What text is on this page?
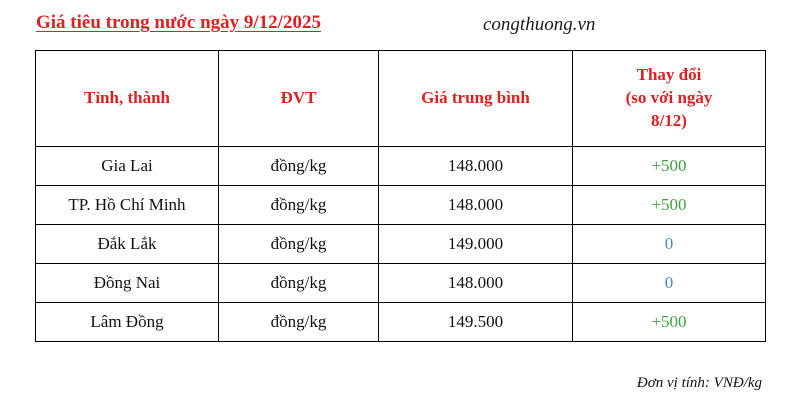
Giá tiêu trong nước ngày 9/12/2025	congthuong.vn
Tỉnh, thành	ĐVT	Giá trung bình	Thay đổi
(so với ngày
8/12)

Gia Lai	đồng/kg	148.000	+500
TP. Hồ Chí Minh	đồng/kg	148.000	+500
Đắk Lắk	đồng/kg	149.000	0
Đồng Nai	đồng/kg	148.000	0
Lâm Đồng	đồng/kg	149.500	+500
Đơn vị tính: VNĐ/kg
